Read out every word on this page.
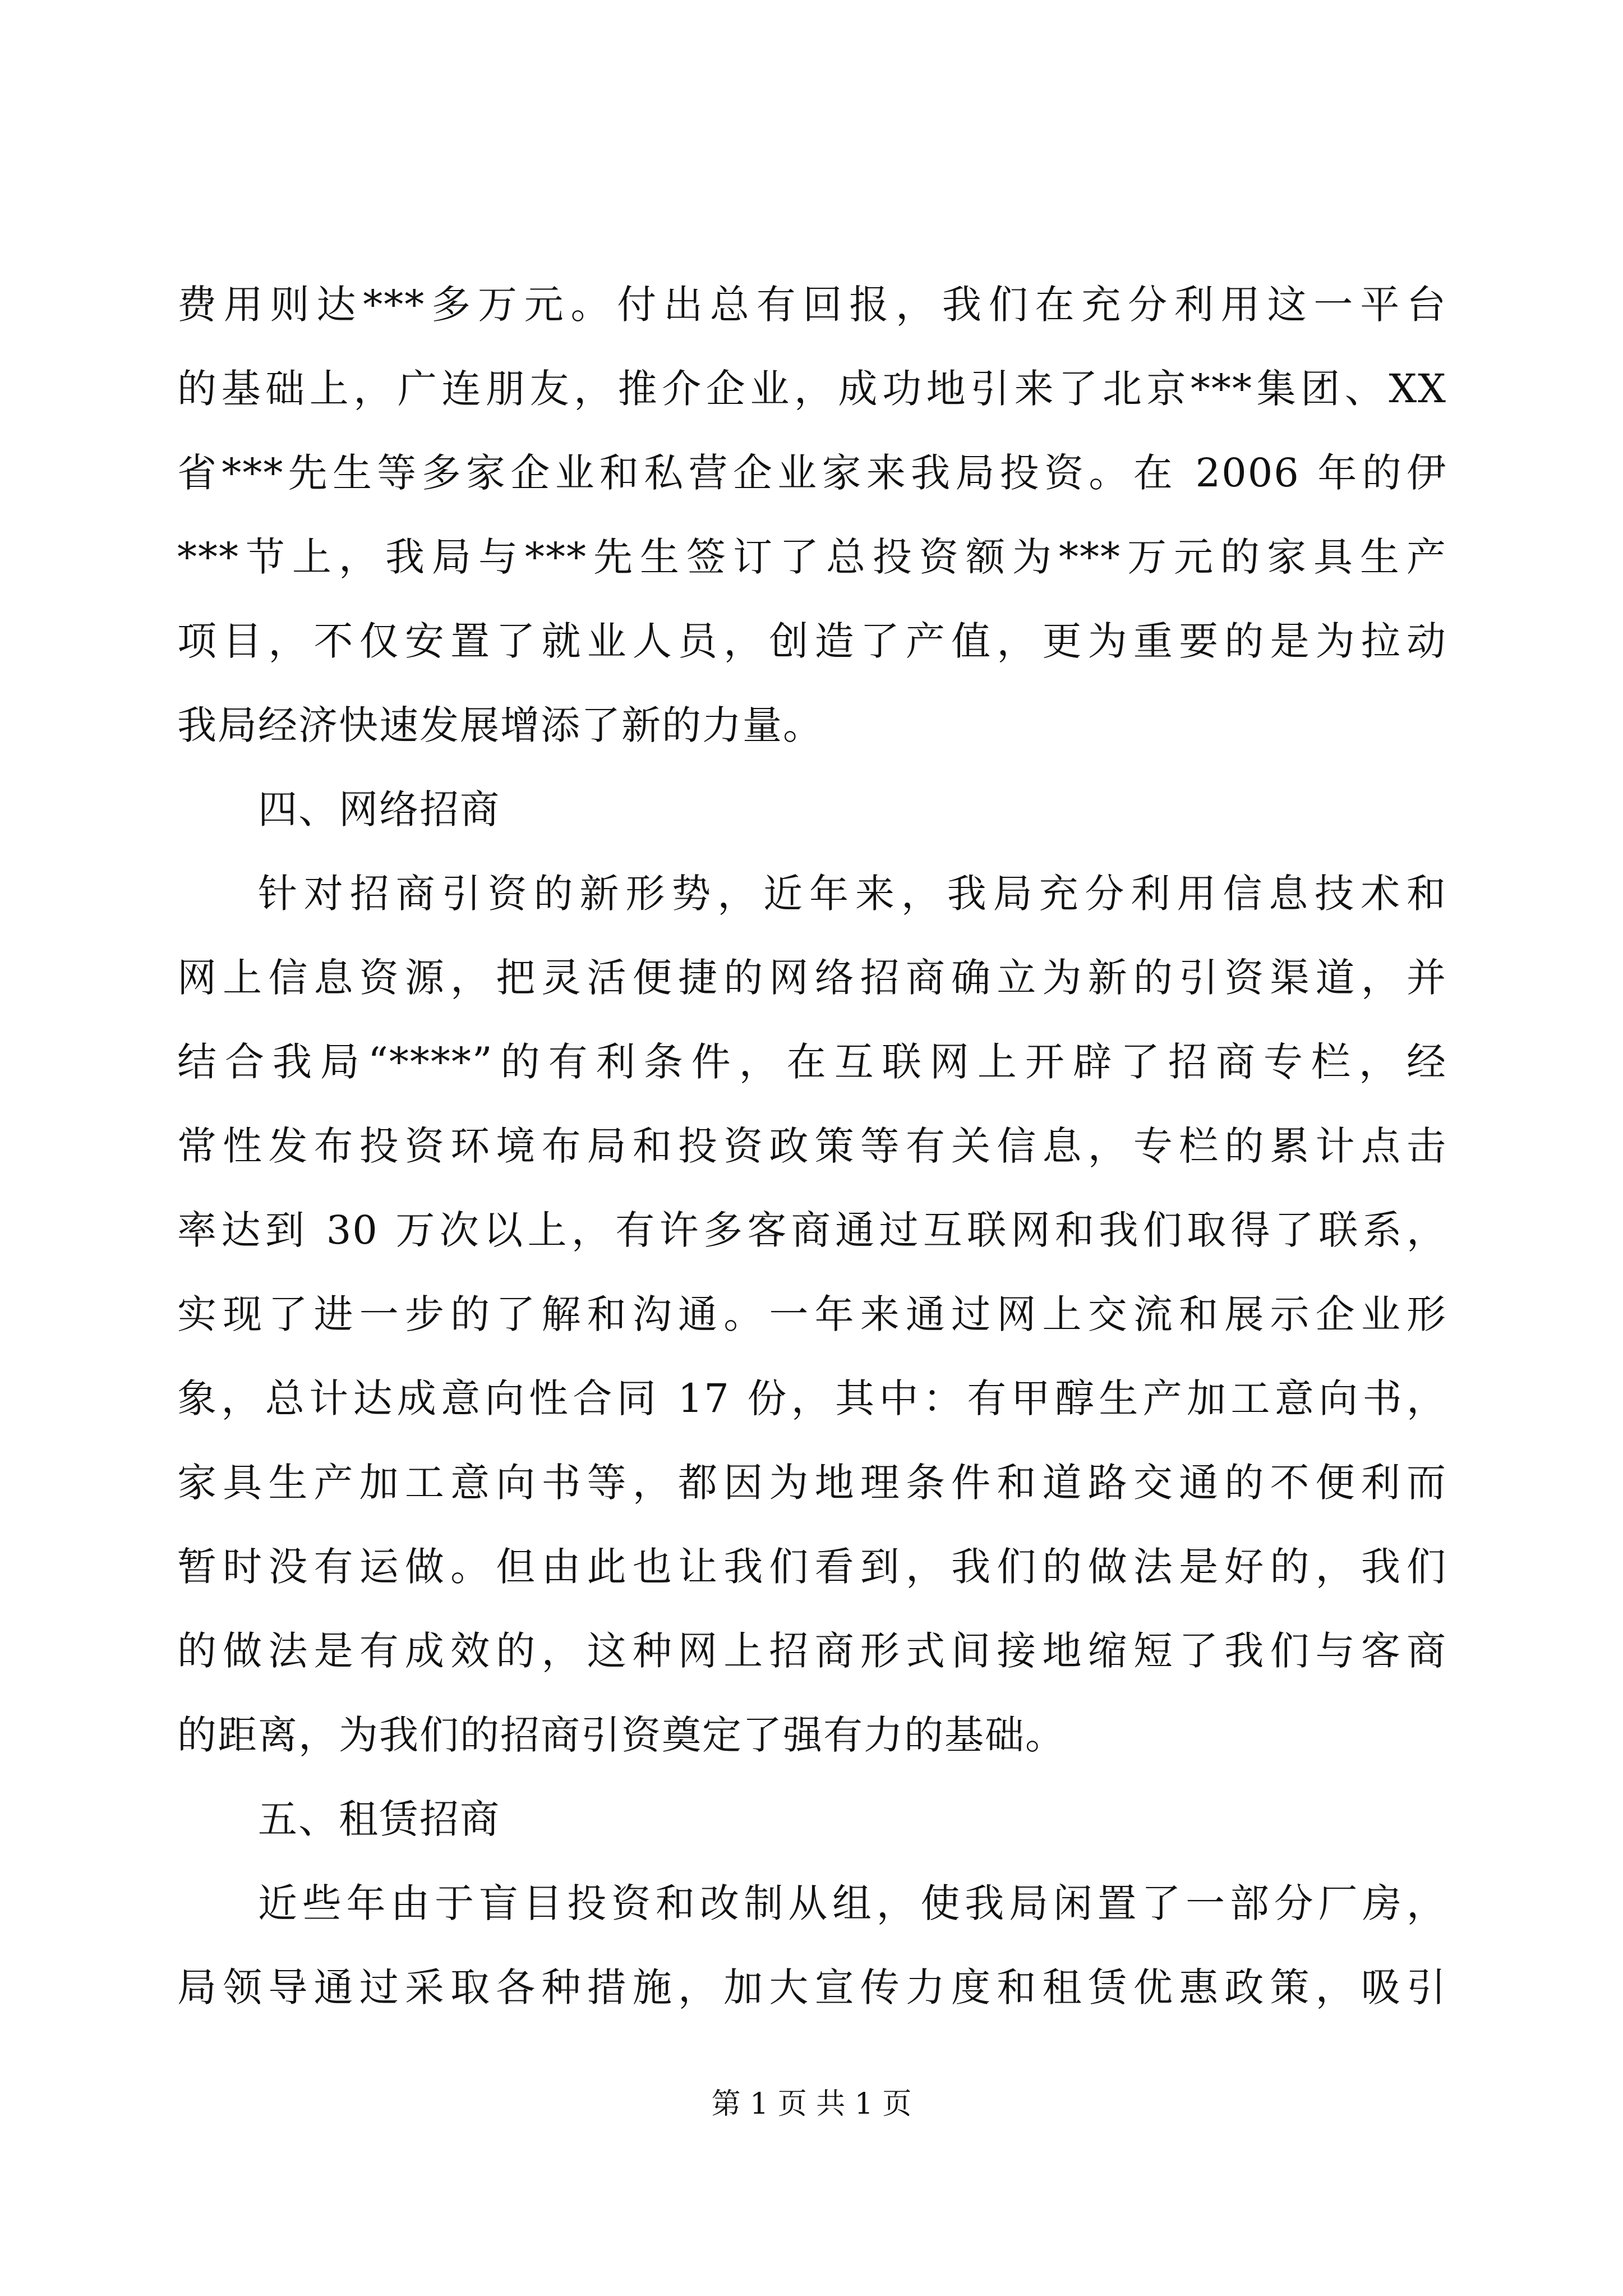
费用则达***多万元。付出总有回报，我们在充分利用这一平台
的基础上，广连朋友，推介企业，成功地引来了北京***集团、XX
省***先生等多家企业和私营企业家来我局投资。在 2006 年的伊
***节上，我局与***先生签订了总投资额为***万元的家具生产
项目，不仅安置了就业人员，创造了产值，更为重要的是为拉动
我局经济快速发展增添了新的力量。
四、网络招商
针对招商引资的新形势，近年来，我局充分利用信息技术和
网上信息资源，把灵活便捷的网络招商确立为新的引资渠道，并
结合我局“****”的有利条件，在互联网上开辟了招商专栏，经
常性发布投资环境布局和投资政策等有关信息，专栏的累计点击
率达到 30 万次以上，有许多客商通过互联网和我们取得了联系，
实现了进一步的了解和沟通。一年来通过网上交流和展示企业形
象，总计达成意向性合同 17 份，其中：有甲醇生产加工意向书，
家具生产加工意向书等，都因为地理条件和道路交通的不便利而
暂时没有运做。但由此也让我们看到，我们的做法是好的，我们
的做法是有成效的，这种网上招商形式间接地缩短了我们与客商
的距离，为我们的招商引资奠定了强有力的基础。
五、租赁招商
近些年由于盲目投资和改制从组，使我局闲置了一部分厂房，
局领导通过采取各种措施，加大宣传力度和租赁优惠政策，吸引
第 1 页 共 1 页
